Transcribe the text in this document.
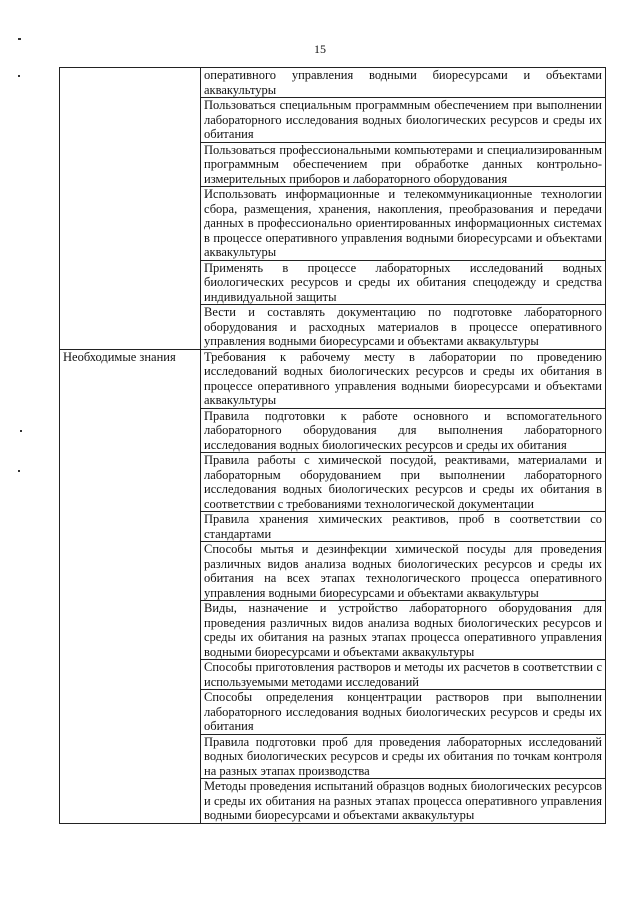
15
	оперативного управления водными биоресурсами и объектами аквакультуры
	Пользоваться специальным программным обеспечением при выполнении лабораторного исследования водных биологических ресурсов и среды их обитания
	Пользоваться профессиональными компьютерами и специализированным программным обеспечением при обработке данных контрольно-измерительных приборов и лабораторного оборудования
	Использовать информационные и телекоммуникационные технологии сбора, размещения, хранения, накопления, преобразования и передачи данных в профессионально ориентированных информационных системах в процессе оперативного управления водными биоресурсами и объектами аквакультуры
	Применять в процессе лабораторных исследований водных биологических ресурсов и среды их обитания спецодежду и средства индивидуальной защиты
	Вести и составлять документацию по подготовке лабораторного оборудования и расходных материалов в процессе оперативного управления водными биоресурсами и объектами аквакультуры
Необходимые знания	Требования к рабочему месту в лаборатории по проведению исследований водных биологических ресурсов и среды их обитания в процессе оперативного управления водными биоресурсами и объектами аквакультуры
	Правила подготовки к работе основного и вспомогательного лабораторного оборудования для выполнения лабораторного исследования водных биологических ресурсов и среды их обитания
	Правила работы с химической посудой, реактивами, материалами и лабораторным оборудованием при выполнении лабораторного исследования водных биологических ресурсов и среды их обитания в соответствии с требованиями технологической документации
	Правила хранения химических реактивов, проб в соответствии со стандартами
	Способы мытья и дезинфекции химической посуды для проведения различных видов анализа водных биологических ресурсов и среды их обитания на всех этапах технологического процесса оперативного управления водными биоресурсами и объектами аквакультуры
	Виды, назначение и устройство лабораторного оборудования для проведения различных видов анализа водных биологических ресурсов и среды их обитания на разных этапах процесса оперативного управления водными биоресурсами и объектами аквакультуры
	Способы приготовления растворов и методы их расчетов в соответствии с используемыми методами исследований
	Способы определения концентрации растворов при выполнении лабораторного исследования водных биологических ресурсов и среды их обитания
	Правила подготовки проб для проведения лабораторных исследований водных биологических ресурсов и среды их обитания по точкам контроля на разных этапах производства
	Методы проведения испытаний образцов водных биологических ресурсов и среды их обитания на разных этапах процесса оперативного управления водными биоресурсами и объектами аквакультуры
